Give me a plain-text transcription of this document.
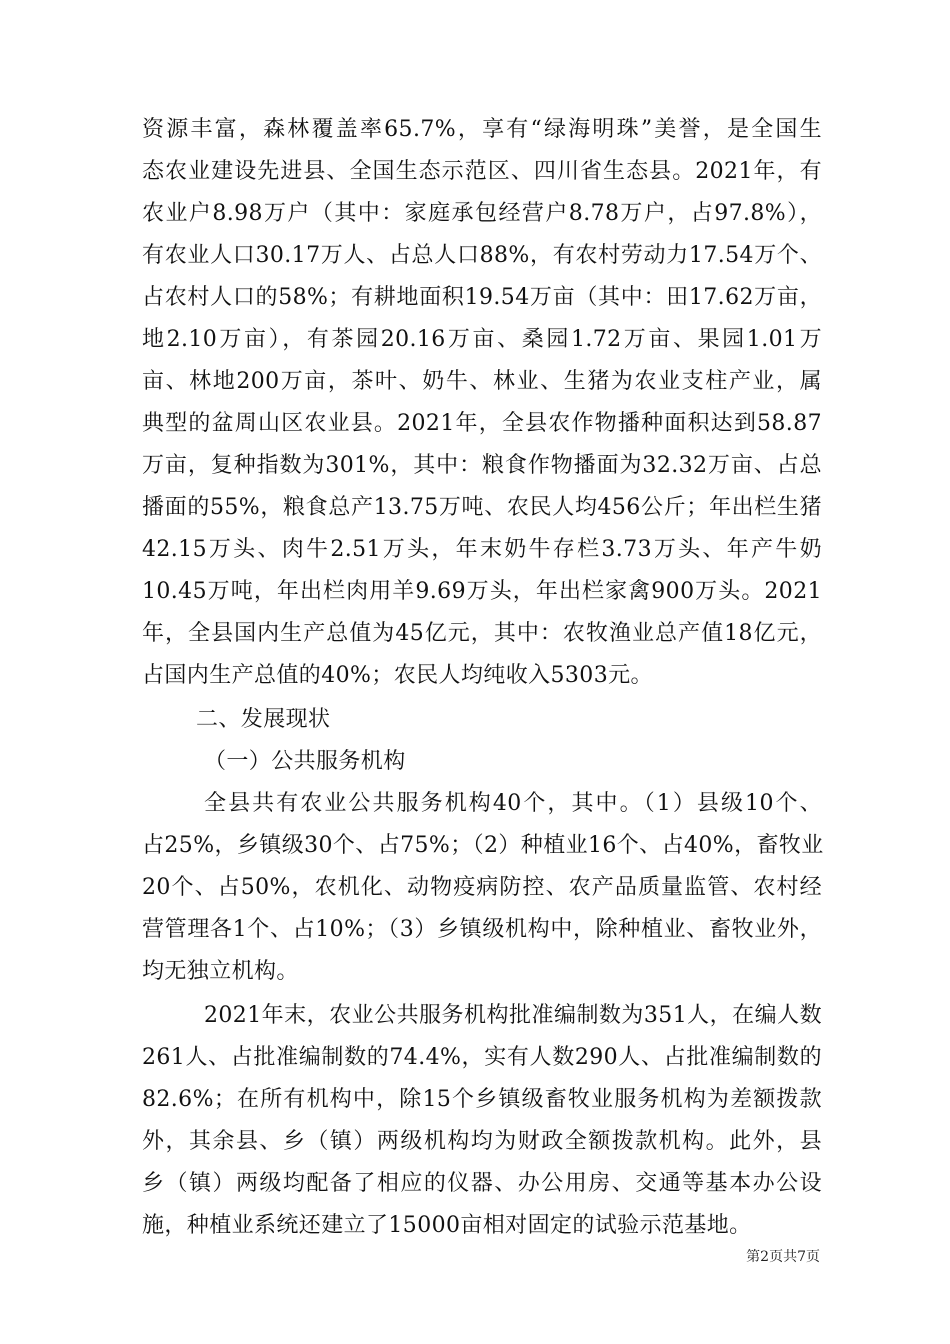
第2页共7页
资源丰富，森林覆盖率65.7%，享有“绿海明珠”美誉，是全国生
态农业建设先进县、全国生态示范区、四川省生态县。2021年，有
农业户8.98万户（其中：家庭承包经营户8.78万户，占97.8%），
有农业人口30.17万人、占总人口88%，有农村劳动力17.54万个、
占农村人口的58%；有耕地面积19.54万亩（其中：田17.62万亩，
地2.10万亩），有茶园20.16万亩、桑园1.72万亩、果园1.01万
亩、林地200万亩，茶叶、奶牛、林业、生猪为农业支柱产业，属
典型的盆周山区农业县。2021年，全县农作物播种面积达到58.87
万亩，复种指数为301%，其中：粮食作物播面为32.32万亩、占总
播面的55%，粮食总产13.75万吨、农民人均456公斤；年出栏生猪
42.15万头、肉牛2.51万头，年末奶牛存栏3.73万头、年产牛奶
10.45万吨，年出栏肉用羊9.69万头，年出栏家禽900万头。2021
年，全县国内生产总值为45亿元，其中：农牧渔业总产值18亿元，
占国内生产总值的40%；农民人均纯收入5303元。
二、发展现状
（一）公共服务机构
全县共有农业公共服务机构40个，其中。（1）县级10个、
占25%，乡镇级30个、占75%；（2）种植业16个、占40%，畜牧业
20个、占50%，农机化、动物疫病防控、农产品质量监管、农村经
营管理各1个、占10%；（3）乡镇级机构中，除种植业、畜牧业外，
均无独立机构。
2021年末，农业公共服务机构批准编制数为351人，在编人数
261人、占批准编制数的74.4%，实有人数290人、占批准编制数的
82.6%；在所有机构中，除15个乡镇级畜牧业服务机构为差额拨款
外，其余县、乡（镇）两级机构均为财政全额拨款机构。此外，县
乡（镇）两级均配备了相应的仪器、办公用房、交通等基本办公设
施，种植业系统还建立了15000亩相对固定的试验示范基地。
